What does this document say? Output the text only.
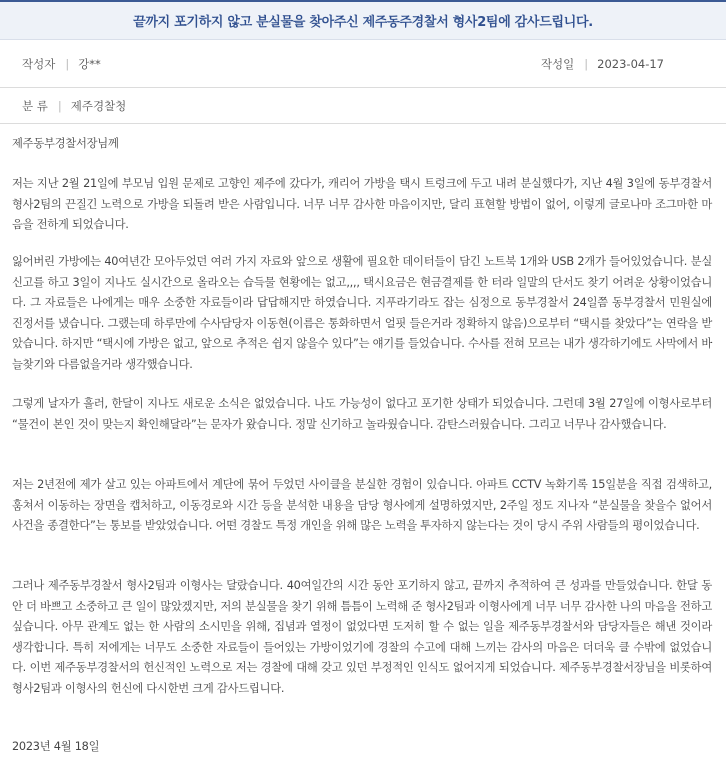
끝까지 포기하지 않고 분실물을 찾아주신 제주동주경찰서 형사2팀에 감사드립니다.
작성자 | 강**	작성일 | 2023-04-17
분 류 | 제주경찰청

제주동부경찰서장님께

저는 지난 2월 21일에 부모님 입원 문제로 고향인 제주에 갔다가, 캐리어 가방을 택시 트렁크에 두고 내려 분실했다가, 지난 4월 3일에 동부경찰서 형사2팀의 끈질긴 노력으로 가방을 되돌려 받은 사람입니다. 너무 너무 감사한 마음이지만, 달리 표현할 방법이 없어, 이렇게 글로나마 조그마한 마음을 전하게 되었습니다.

잃어버린 가방에는 40여년간 모아두었던 여러 가지 자료와 앞으로 생활에 필요한 데이터들이 담긴 노트북 1개와 USB 2개가 들어있었습니다. 분실신고를 하고 3일이 지나도 실시간으로 올라오는 습득물 현황에는 없고,,,, 택시요금은 현금결제를 한 터라 일말의 단서도 찾기 어려운 상황이었습니다. 그 자료들은 나에게는 매우 소중한 자료들이라 답답해지만 하였습니다. 지푸라기라도 잡는 심정으로 동부경찰서 24일쯤 동부경찰서 민원실에 진정서를 냈습니다. 그랬는데 하루만에 수사담당자 이동현(이름은 통화하면서 얼핏 들은거라 정확하지 않음)으로부터 “택시를 찾았다”는 연락을 받았습니다. 하지만 “택시에 가방은 없고, 앞으로 추적은 쉽지 않을수 있다”는 얘기를 들었습니다. 수사를 전혀 모르는 내가 생각하기에도 사막에서 바늘찾기와 다름없을거라 생각했습니다.

그렇게 날자가 흘러, 한달이 지나도 새로운 소식은 없었습니다. 나도 가능성이 없다고 포기한 상태가 되었습니다. 그런데 3월 27일에 이형사로부터 “물건이 본인 것이 맞는지 확인해달라”는 문자가 왔습니다. 정말 신기하고 놀라웠습니다. 감탄스러웠습니다. 그리고 너무나 감사했습니다.

저는 2년전에 제가 살고 있는 아파트에서 계단에 묶어 두었던 사이클을 분실한 경험이 있습니다. 아파트 CCTV 녹화기록 15일분을 직접 검색하고, 훔쳐서 이동하는 장면을 캡처하고, 이동경로와 시간 등을 분석한 내용을 담당 형사에게 설명하였지만, 2주일 정도 지나자 “분실물을 찾을수 없어서 사건을 종결한다”는 통보를 받았었습니다. 어떤 경찰도 특정 개인을 위해 많은 노력을 투자하지 않는다는 것이 당시 주위 사람들의 평이었습니다.

그러나 제주동부경찰서 형사2팀과 이형사는 달랐습니다. 40여일간의 시간 동안 포기하지 않고, 끝까지 추적하여 큰 성과를 만들었습니다. 한달 동안 더 바쁘고 소중하고 큰 일이 많았겠지만, 저의 분실물을 찾기 위해 틈틈이 노력해 준 형사2팀과 이형사에게 너무 너무 감사한 나의 마음을 전하고 싶습니다. 아무 관계도 없는 한 사람의 소시민을 위해, 집념과 열정이 없었다면 도저히 할 수 없는 일을 제주동부경찰서와 담당자들은 해낸 것이라 생각합니다. 특히 저에게는 너무도 소중한 자료들이 들어있는 가방이었기에 경찰의 수고에 대해 느끼는 감사의 마음은 더더욱 클 수밖에 없었습니다. 이번 제주동부경찰서의 헌신적인 노력으로 저는 경찰에 대해 갖고 있던 부정적인 인식도 없어지게 되었습니다. 제주동부경찰서장님을 비롯하여 형사2팀과 이형사의 헌신에 다시한번 크게 감사드립니다.

2023년 4월 18일
